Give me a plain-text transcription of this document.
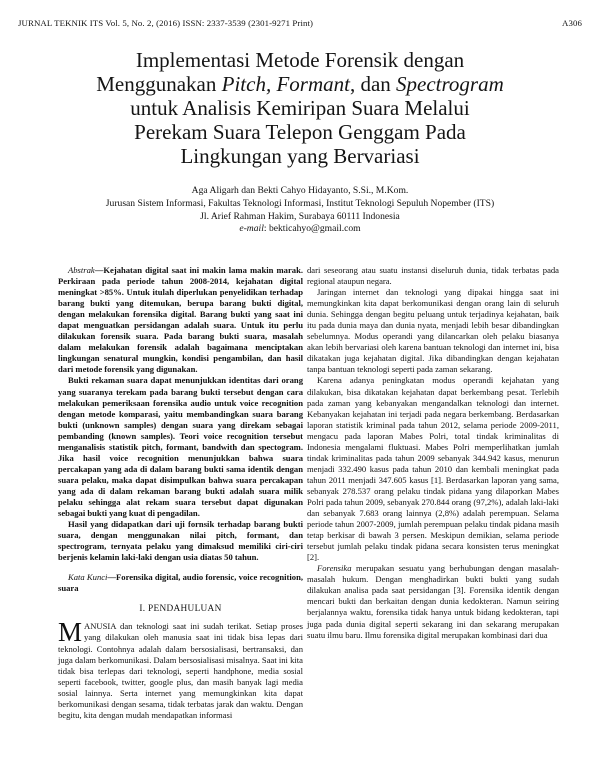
JURNAL TEKNIK ITS Vol. 5, No. 2, (2016) ISSN: 2337-3539 (2301-9271 Print)	A306
Implementasi Metode Forensik dengan
Menggunakan Pitch, Formant, dan Spectrogram
untuk Analisis Kemiripan Suara Melalui
Perekam Suara Telepon Genggam Pada
Lingkungan yang Bervariasi
Aga Aligarh dan Bekti Cahyo Hidayanto, S.Si., M.Kom.
Jurusan Sistem Informasi, Fakultas Teknologi Informasi, Institut Teknologi Sepuluh Nopember (ITS)
Jl. Arief Rahman Hakim, Surabaya 60111 Indonesia
e-mail: bekticahyo@gmail.com

Abstrak—Kejahatan digital saat ini makin lama makin marak. Perkiraan pada periode tahun 2008-2014, kejahatan digital meningkat >85%. Untuk itulah diperlukan penyelidikan terhadap barang bukti yang ditemukan, berupa barang bukti digital, dengan melakukan forensika digital. Barang bukti yang saat ini dapat menguatkan persidangan adalah suara. Untuk itu perlu dilakukan forensik suara. Pada barang bukti suara, masalah dalam melakukan forensik adalah bagaimana menciptakan lingkungan senatural mungkin, kondisi pengambilan, dan hasil dari metode forensik yang digunakan.

Bukti rekaman suara dapat menunjukkan identitas dari orang yang suaranya terekam pada barang bukti tersebut dengan cara melakukan pemeriksaan forensika audio untuk voice recognition dengan metode komparasi, yaitu membandingkan suara barang bukti (unknown samples) dengan suara yang direkam sebagai pembanding (known samples). Teori voice recognition tersebut menganalisis statistik pitch, formant, bandwith dan spectogram. Jika hasil voice recognition menunjukkan bahwa suara percakapan yang ada di dalam barang bukti sama identik dengan suara pelaku, maka dapat disimpulkan bahwa suara percakapan yang ada di dalam rekaman barang bukti adalah suara milik pelaku sehingga alat rekam suara tersebut dapat digunakan sebagai bukti yang kuat di pengadilan.

Hasil yang didapatkan dari uji fornsik terhadap barang bukti suara, dengan menggunakan nilai pitch, formant, dan spectrogram, ternyata pelaku yang dimaksud memiliki ciri-ciri berjenis kelamin laki-laki dengan usia diatas 50 tahun.

Kata Kunci—Forensika digital, audio forensic, voice recognition, suara

I. PENDAHULUAN

MANUSIA dan teknologi saat ini sudah terikat. Setiap proses yang dilakukan oleh manusia saat ini tidak bisa lepas dari teknologi. Contohnya adalah dalam bersosialisasi, bertransaksi, dan juga dalam berkomunikasi. Dalam bersosialisasi misalnya. Saat ini kita tidak bisa terlepas dari teknologi, seperti handphone, media sosial seperti facebook, twitter, google plus, dan masih banyak lagi media sosial lainnya. Serta internet yang memungkinkan kita dapat berkomunikasi dengan sesama, tidak terbatas jarak dan waktu. Dengan begitu, kita dengan mudah mendapatkan informasi

dari seseorang atau suatu instansi diseluruh dunia, tidak terbatas pada regional ataupun negara.

Jaringan internet dan teknologi yang dipakai hingga saat ini memungkinkan kita dapat berkomunikasi dengan orang lain di seluruh dunia. Sehingga dengan begitu peluang untuk terjadinya kejahatan, baik itu pada dunia maya dan dunia nyata, menjadi lebih besar dibandingkan sebelumnya. Modus operandi yang dilancarkan oleh pelaku biasanya akan lebih bervariasi oleh karena bantuan teknologi dan internet ini, bisa dikatakan juga kejahatan digital. Jika dibandingkan dengan kejahatan tanpa bantuan teknologi seperti pada zaman sekarang.

Karena adanya peningkatan modus operandi kejahatan yang dilakukan, bisa dikatakan kejahatan dapat berkembang pesat. Terlebih pada zaman yang kebanyakan mengandalkan teknologi dan internet. Kebanyakan kejahatan ini terjadi pada negara berkembang. Berdasarkan laporan statistik kriminal pada tahun 2012, selama periode 2009-2011, mengacu pada laporan Mabes Polri, total tindak kriminalitas di Indonesia mengalami fluktuasi. Mabes Polri memperlihatkan jumlah tindak kriminalitas pada tahun 2009 sebanyak 344.942 kasus, menurun menjadi 332.490 kasus pada tahun 2010 dan kembali meningkat pada tahun 2011 menjadi 347.605 kasus [1]. Berdasarkan laporan yang sama, sebanyak 278.537 orang pelaku tindak pidana yang dilaporkan Mabes Polri pada tahun 2009, sebanyak 270.844 orang (97,2%), adalah laki-laki dan sebanyak 7.683 orang lainnya (2,8%) adalah perempuan. Selama periode tahun 2007-2009, jumlah perempuan pelaku tindak pidana masih tetap berkisar di bawah 3 persen. Meskipun demikian, selama periode tersebut jumlah pelaku tindak pidana secara konsisten terus meningkat [2].

Forensika merupakan sesuatu yang berhubungan dengan masalah-masalah hukum. Dengan menghadirkan bukti bukti yang sudah dilakukan analisa pada saat persidangan [3]. Forensika identik dengan mencari bukti dan berkaitan dengan dunia kedokteran. Namun seiring berjalannya waktu, forensika tidak hanya untuk bidang kedokteran, tapi juga pada dunia digital seperti sekarang ini dan sekarang merupakan suatu ilmu baru. Ilmu forensika digital merupakan kombinasi dari dua
